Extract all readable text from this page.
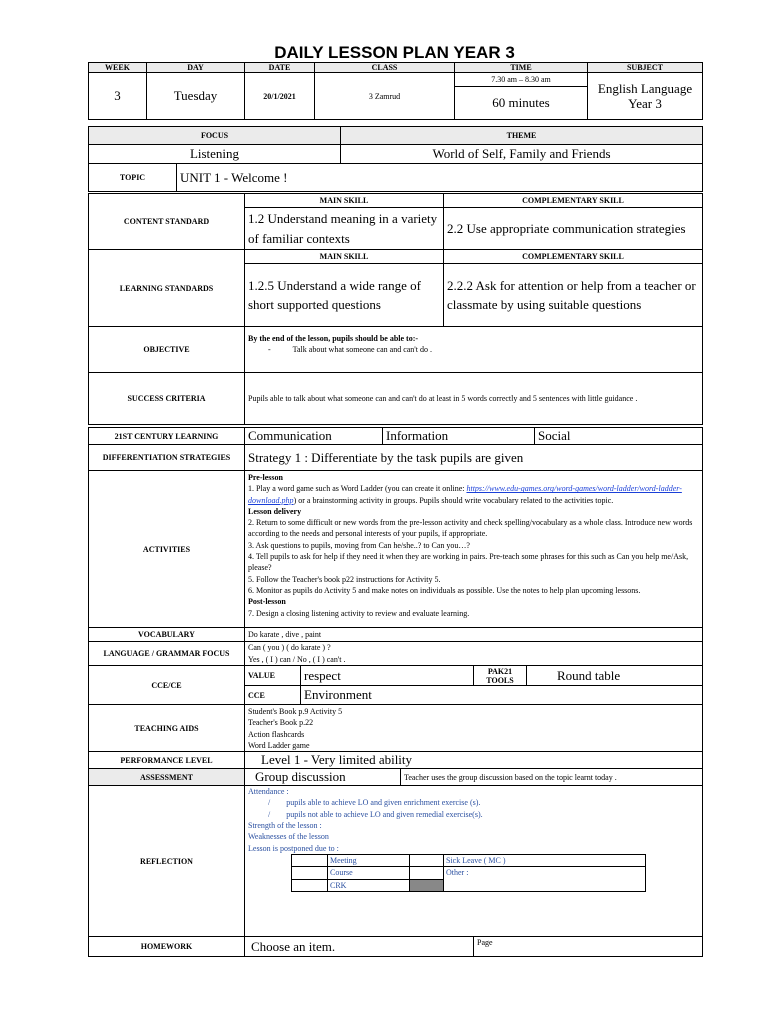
DAILY LESSON PLAN YEAR 3
WEEK	DAY	DATE	CLASS	TIME	SUBJECT
3	Tuesday	20/1/2021	3 Zamrud	7.30 am – 8.30 am	English Language Year 3
				60 minutes	
FOCUS		THEME
Listening		World of Self, Family and Friends
TOPIC	UNIT 1 - Welcome !	
CONTENT STANDARD	MAIN SKILL	COMPLEMENTARY SKILL
	1.2 Understand meaning in a variety of familiar contexts	2.2 Use appropriate communication strategies
LEARNING STANDARDS	MAIN SKILL	COMPLEMENTARY SKILL
	1.2.5 Understand a wide range of short supported questions	2.2.2 Ask for attention or help from a teacher or classmate by using suitable questions
OBJECTIVE	By the end of the lesson, pupils should be able to:-
- Talk about what someone can and can't do .	

SUCCESS CRITERIA	Pupils able to talk about what someone can and can't do at least in 5 words correctly and 5 sentences with little guidance .	
21ST CENTURY LEARNING	Communication	Information	Social
DIFFERENTIATION STRATEGIES	Strategy 1 : Differentiate by the task pupils are given
ACTIVITIES	
Pre-lesson
1. Play a word game such as Word Ladder (you can create it online: https://www.edu-games.org/word-games/word-ladder/word-ladder-download.php) or a brainstorming activity in groups. Pupils should write vocabulary related to the activities topic.
Lesson delivery
2. Return to some difficult or new words from the pre-lesson activity and check spelling/vocabulary as a whole class. Introduce new words according to the needs and personal interests of your pupils, if appropriate.
3. Ask questions to pupils, moving from Can he/she..? to Can you…?
4. Tell pupils to ask for help if they need it when they are working in pairs. Pre-teach some phrases for this such as Can you help me/Ask, please?
5. Follow the Teacher's book p22 instructions for Activity 5.
6. Monitor as pupils do Activity 5 and make notes on individuals as possible. Use the notes to help plan upcoming lessons.
Post-lesson
7. Design a closing listening activity to review and evaluate learning.

VOCABULARY	Do karate , dive , paint
LANGUAGE / GRAMMAR FOCUS	
Can ( you ) ( do karate ) ?
Yes , ( I ) can / No , ( I ) can't .

CCE/CE	VALUE	respect	PAK21 TOOLS	Round table
CCE	Environment
TEACHING AIDS	
Student's Book p.9 Activity 5
Teacher's Book p.22
Action flashcards
Word Ladder game

PERFORMANCE LEVEL	Level 1 - Very limited ability
ASSESSMENT	Group discussion	Teacher uses the group discussion based on the topic learnt today .
REFLECTION	
Attendance :
/ pupils able to achieve LO and given enrichment exercise (s).
/ pupils not able to achieve LO and given remedial exercise(s).
Strength of the lesson :
Weaknesses of the lesson
Lesson is postponed due to :
	Meeting		Sick Leave ( MC )
	Course		Other :
	CRK	

HOMEWORK	Choose an item.	Page
